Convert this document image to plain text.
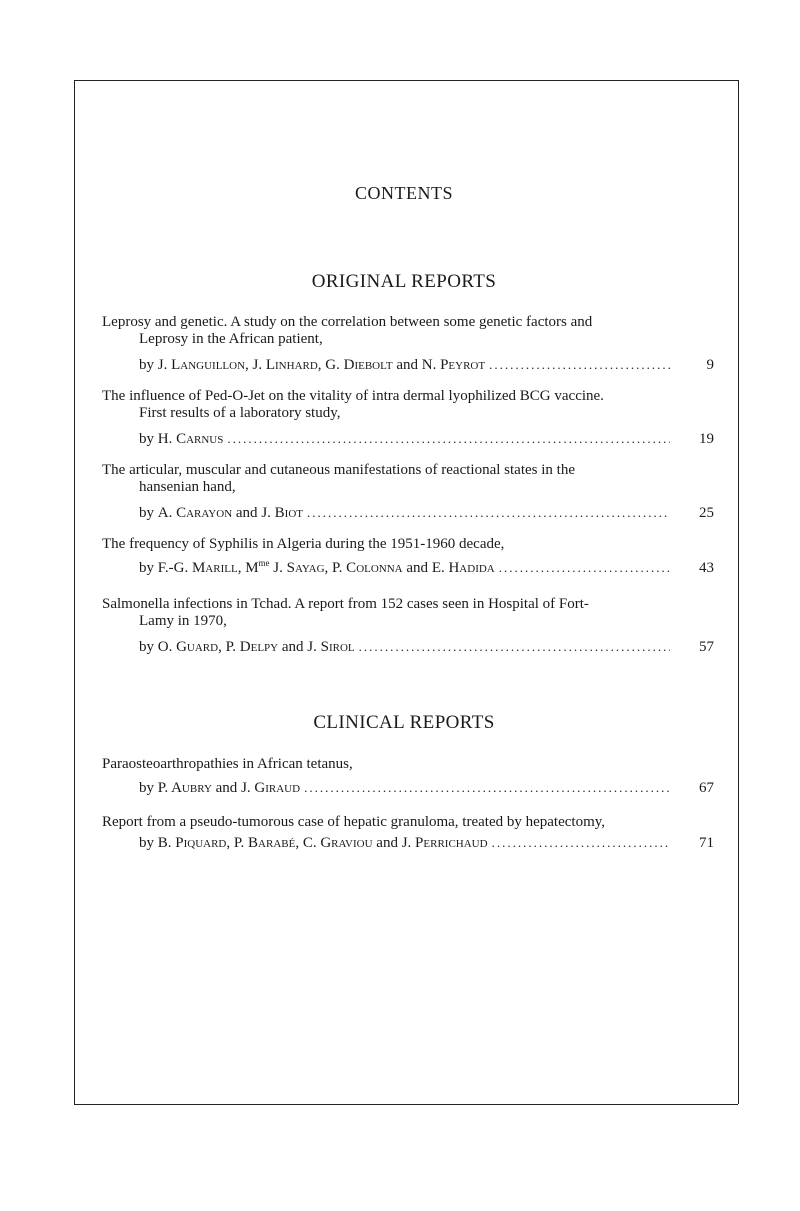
CONTENTS
ORIGINAL REPORTS
Leprosy and genetic. A study on the correlation between some genetic factors and
Leprosy in the African patient,
by J. Languillon, J. Linhard, G. Diebolt and N. Peyrot .....	9
The influence of Ped-O-Jet on the vitality of intra dermal lyophilized BCG vaccine.
First results of a laboratory study,
by H. Carnus .....	19
The articular, muscular and cutaneous manifestations of reactional states in the
hansenian hand,
by A. Carayon and J. Biot .....	25
The frequency of Syphilis in Algeria during the 1951-1960 decade,
by F.-G. Marill, $M^{me}$ J. Sayag, P. Colonna and E. Hadida .....	43
Salmonella infections in Tchad. A report from 152 cases seen in Hospital of Fort-
Lamy in 1970,
by O. Guard, P. Delpy and J. Sirol .....	57
CLINICAL REPORTS
Paraosteoarthropathies in African tetanus,
by P. Aubry and J. Giraud .....	67
Report from a pseudo-tumorous case of hepatic granuloma, treated by hepatectomy,
by B. Piquard, P. Barabé, C. Graviou and J. Perrichaud .....	71
